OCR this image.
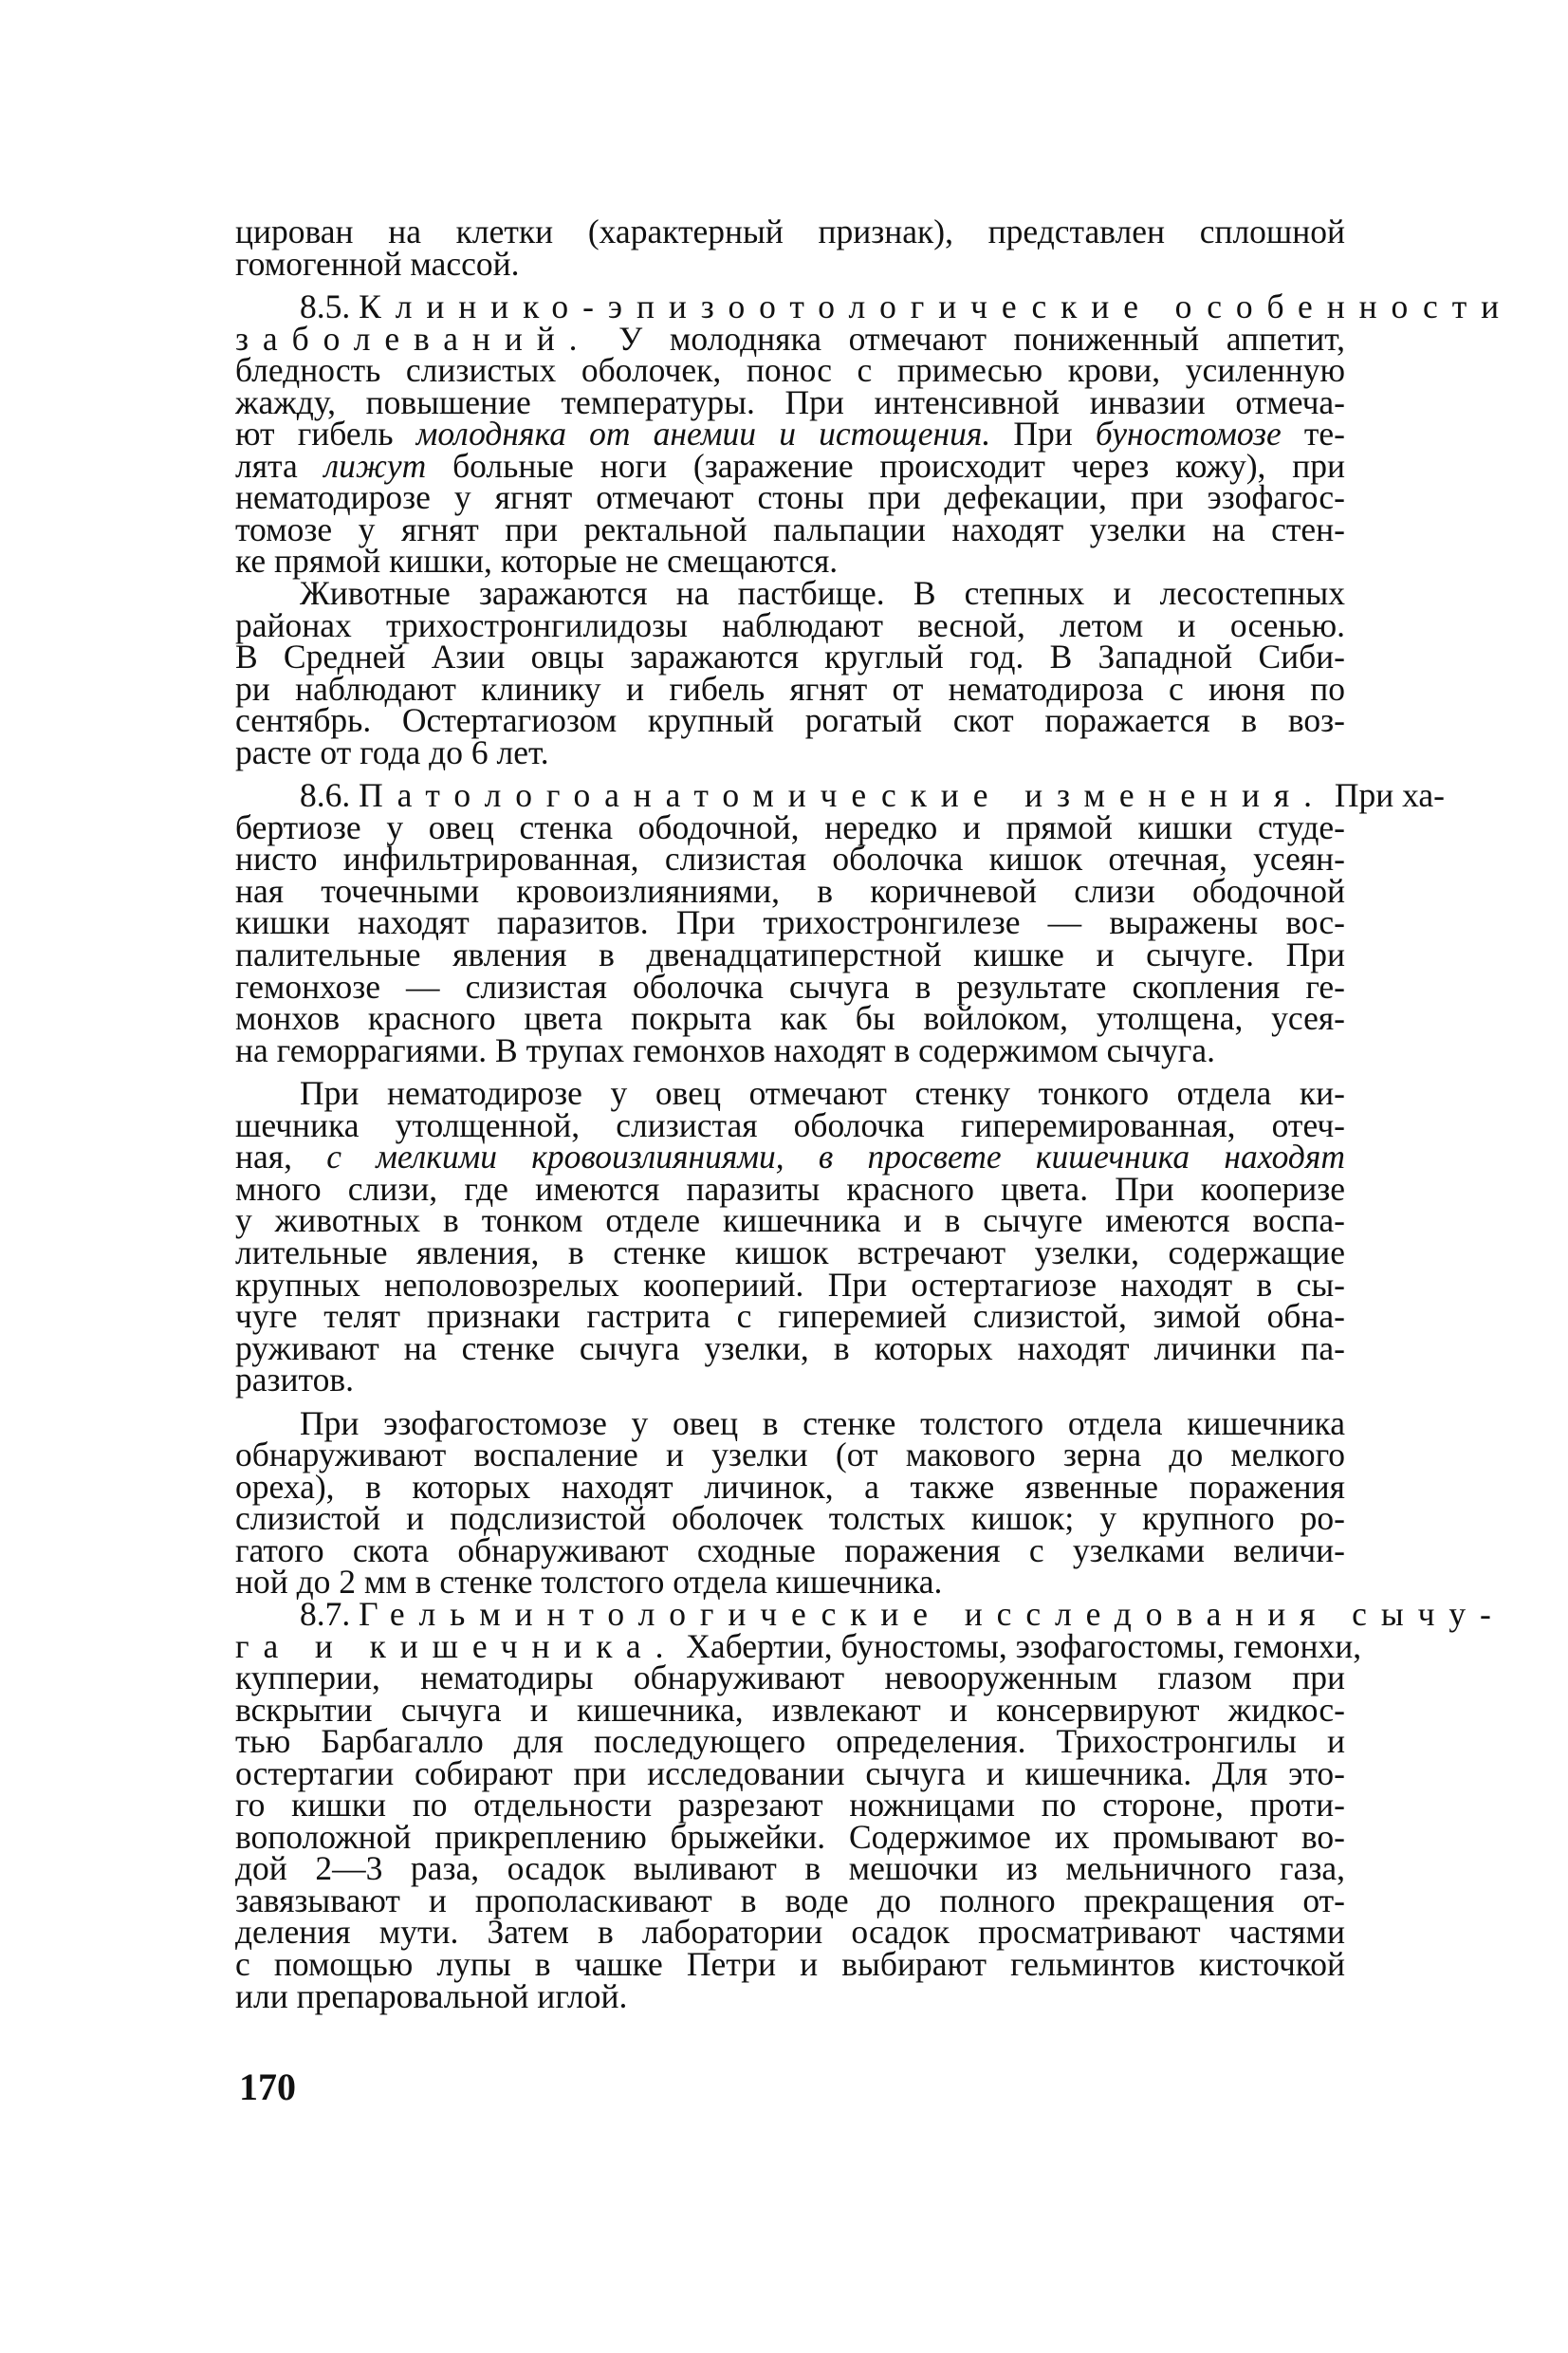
цирован на клетки (характерный признак), представлен сплошной
гомогенной массой.
8.5. Клинико-эпизоотологические особенности
заболеваний. У молодняка отмечают пониженный аппетит,
бледность слизистых оболочек, понос с примесью крови, усиленную
жажду, повышение температуры. При интенсивной инвазии отмеча-
ют гибель молодняка от анемии и истощения. При буностомозе те-
лята лижут больные ноги (заражение происходит через кожу), при
нематодирозе у ягнят отмечают стоны при дефекации, при эзофагос-
томозе у ягнят при ректальной пальпации находят узелки на стен-
ке прямой кишки, которые не смещаются.
Животные заражаются на пастбище. В степных и лесостепных
районах трихостронгилидозы наблюдают весной, летом и осенью.
В Средней Азии овцы заражаются круглый год. В Западной Сиби-
ри наблюдают клинику и гибель ягнят от нематодироза с июня по
сентябрь. Остертагиозом крупный рогатый скот поражается в воз-
расте от года до 6 лет.
8.6. Патологоанатомические изменения. При ха-
бертиозе у овец стенка ободочной, нередко и прямой кишки студе-
нисто инфильтрированная, слизистая оболочка кишок отечная, усеян-
ная точечными кровоизлияниями, в коричневой слизи ободочной
кишки находят паразитов. При трихостронгилезе — выражены вос-
палительные явления в двенадцатиперстной кишке и сычуге. При
гемонхозе — слизистая оболочка сычуга в результате скопления ге-
монхов красного цвета покрыта как бы войлоком, утолщена, усея-
на геморрагиями. В трупах гемонхов находят в содержимом сычуга.
При нематодирозе у овец отмечают стенку тонкого отдела ки-
шечника утолщенной, слизистая оболочка гиперемированная, отеч-
ная, с мелкими кровоизлияниями, в просвете кишечника находят
много слизи, где имеются паразиты красного цвета. При кооперизе
у животных в тонком отделе кишечника и в сычуге имеются воспа-
лительные явления, в стенке кишок встречают узелки, содержащие
крупных неполовозрелых коопериий. При остертагиозе находят в сы-
чуге телят признаки гастрита с гиперемией слизистой, зимой обна-
руживают на стенке сычуга узелки, в которых находят личинки па-
разитов.
При эзофагостомозе у овец в стенке толстого отдела кишечника
обнаруживают воспаление и узелки (от макового зерна до мелкого
ореха), в которых находят личинок, а также язвенные поражения
слизистой и подслизистой оболочек толстых кишок; у крупного ро-
гатого скота обнаруживают сходные поражения с узелками величи-
ной до 2 мм в стенке толстого отдела кишечника.
8.7. Гельминтологические исследования сычу-
га и кишечника. Хабертии, буностомы, эзофагостомы, гемонхи,
купперии, нематодиры обнаруживают невооруженным глазом при
вскрытии сычуга и кишечника, извлекают и консервируют жидкос-
тью Барбагалло для последующего определения. Трихостронгилы и
остертагии собирают при исследовании сычуга и кишечника. Для это-
го кишки по отдельности разрезают ножницами по стороне, проти-
воположной прикреплению брыжейки. Содержимое их промывают во-
дой 2—3 раза, осадок выливают в мешочки из мельничного газа,
завязывают и прополаскивают в воде до полного прекращения от-
деления мути. Затем в лаборатории осадок просматривают частями
с помощью лупы в чашке Петри и выбирают гельминтов кисточкой
или препаровальной иглой.
170
